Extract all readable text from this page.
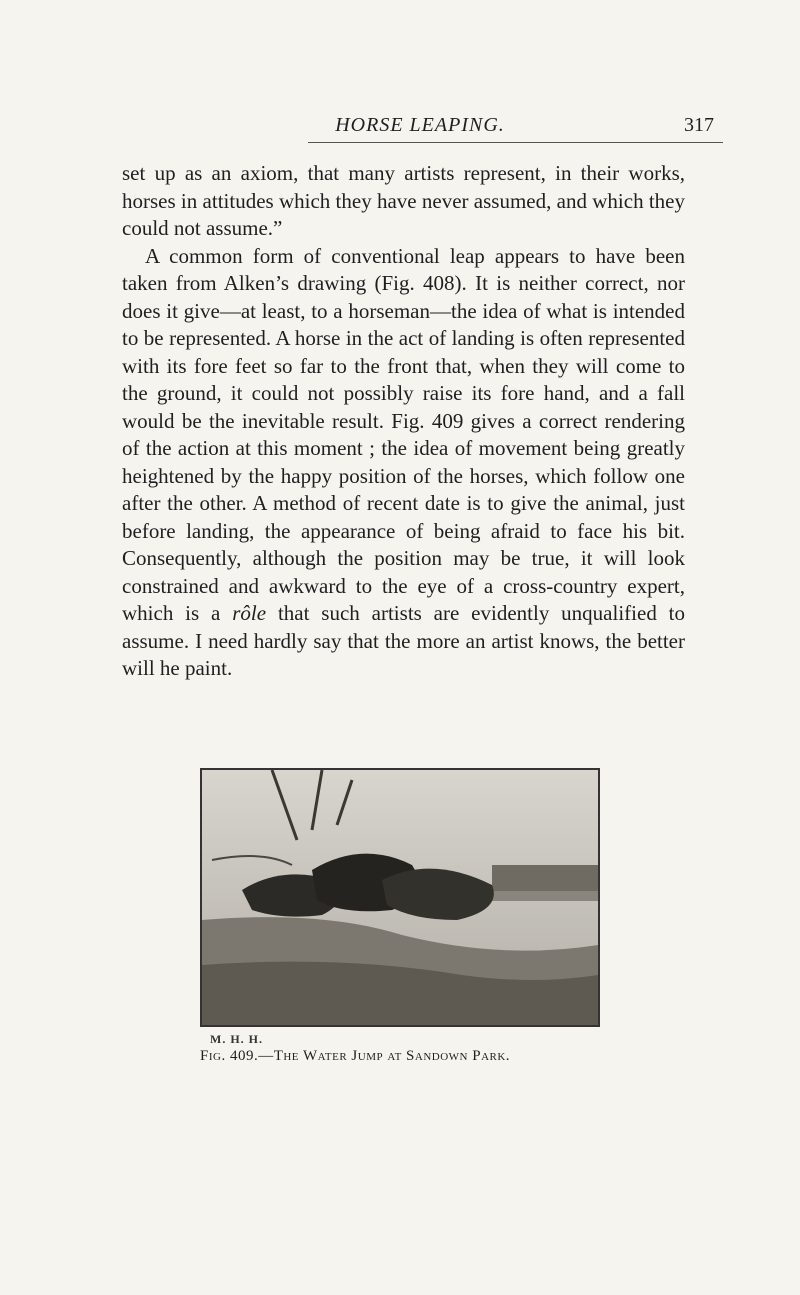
HORSE LEAPING.	317

set up as an axiom, that many artists represent, in their works, horses in attitudes which they have never assumed, and which they could not assume.”

A common form of conventional leap appears to have been taken from Alken’s drawing (Fig. 408). It is neither correct, nor does it give—at least, to a horseman—the idea of what is intended to be represented. A horse in the act of landing is often represented with its fore feet so far to the front that, when they will come to the ground, it could not possibly raise its fore hand, and a fall would be the inevitable result. Fig. 409 gives a correct rendering of the action at this moment ; the idea of movement being greatly heightened by the happy position of the horses, which follow one after the other. A method of recent date is to give the animal, just before landing, the appearance of being afraid to face his bit. Consequently, although the position may be true, it will look constrained and awkward to the eye of a cross-country expert, which is a rôle that such artists are evidently unqualified to assume. I need hardly say that the more an artist knows, the better will he paint.

M. H. H.
Fig. 409.—The Water Jump at Sandown Park.
